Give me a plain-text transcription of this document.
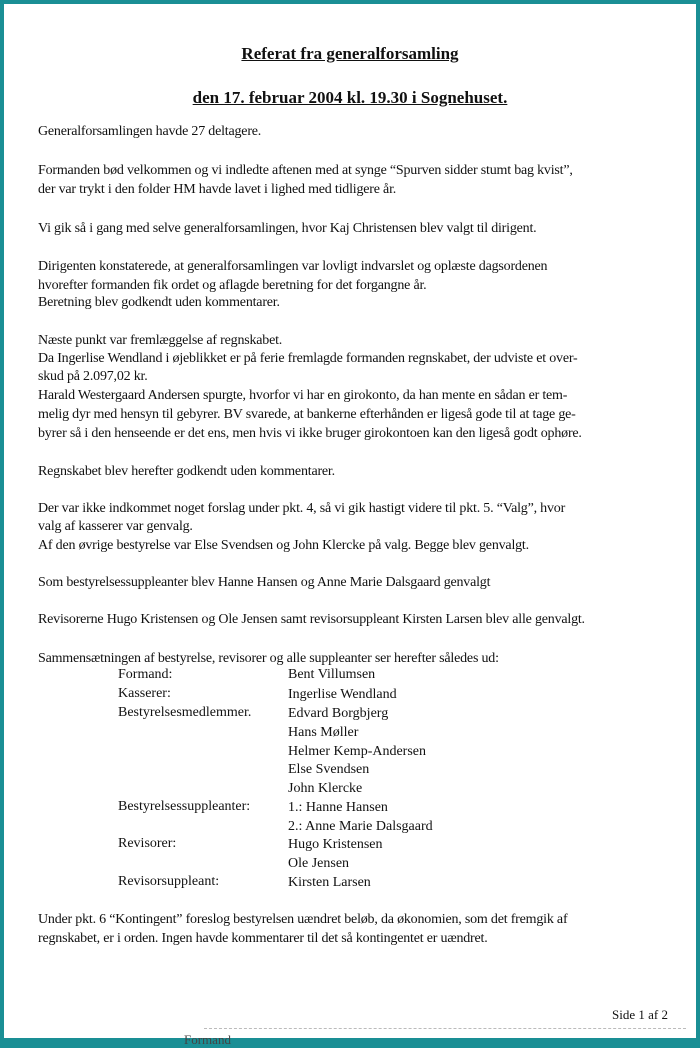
Referat fra generalforsamling
den 17. februar 2004 kl. 19.30 i Sognehuset.
Generalforsamlingen havde 27 deltagere.
Formanden bød velkommen og vi indledte aftenen med at synge “Spurven sidder stumt bag kvist”,
der var trykt i den folder HM havde lavet i lighed med tidligere år.
Vi gik så i gang med selve generalforsamlingen, hvor Kaj Christensen blev valgt til dirigent.
Dirigenten konstaterede, at generalforsamlingen var lovligt indvarslet og oplæste dagsordenen
hvorefter formanden fik ordet og aflagde beretning for det forgangne år.
Beretning blev godkendt uden kommentarer.
Næste punkt var fremlæggelse af regnskabet.
Da Ingerlise Wendland i øjeblikket er på ferie fremlagde formanden regnskabet, der udviste et over-
skud på 2.097,02 kr.
Harald Westergaard Andersen spurgte, hvorfor vi har en girokonto, da han mente en sådan er tem-
melig dyr med hensyn til gebyrer. BV svarede, at bankerne efterhånden er ligeså gode til at tage ge-
byrer så i den henseende er det ens, men hvis vi ikke bruger girokontoen kan den ligeså godt ophøre.
Regnskabet blev herefter godkendt uden kommentarer.
Der var ikke indkommet noget forslag under pkt. 4, så vi gik hastigt videre til pkt. 5. “Valg”, hvor
valg af kasserer var genvalg.
Af den øvrige bestyrelse var Else Svendsen og John Klercke på valg. Begge blev genvalgt.
Som bestyrelsessuppleanter blev Hanne Hansen og Anne Marie Dalsgaard genvalgt
Revisorerne Hugo Kristensen og Ole Jensen samt revisorsuppleant Kirsten Larsen blev alle genvalgt.
Sammensætningen af bestyrelse, revisorer og alle suppleanter ser herefter således ud:
Formand:	Bent Villumsen
Kasserer:	Ingerlise Wendland
Bestyrelsesmedlemmer.	Edvard Borgbjerg
Hans Møller
Helmer Kemp-Andersen
Else Svendsen
John Klercke
Bestyrelsessuppleanter:	1.: Hanne Hansen
2.: Anne Marie Dalsgaard
Revisorer:	Hugo Kristensen
Ole Jensen
Revisorsuppleant:	Kirsten Larsen
Under pkt. 6 “Kontingent” foreslog bestyrelsen uændret beløb, da økonomien, som det fremgik af
regnskabet, er i orden. Ingen havde kommentarer til det så kontingentet er uændret.
Side 1 af 2
Formand
